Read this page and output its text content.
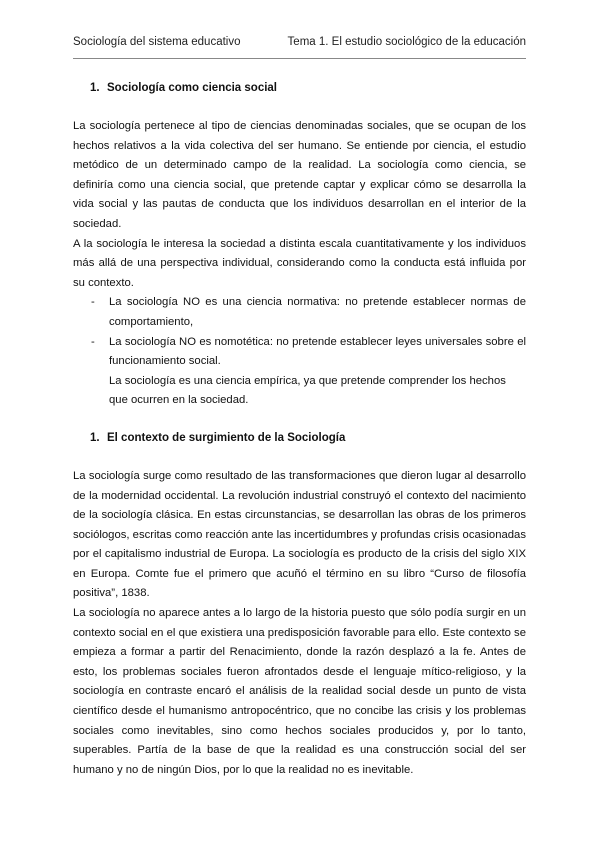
Sociología del sistema educativo	Tema 1. El estudio sociológico de la educación
1. Sociología como ciencia social

La sociología pertenece al tipo de ciencias denominadas sociales, que se ocupan de los hechos relativos a la vida colectiva del ser humano. Se entiende por ciencia, el estudio metódico de un determinado campo de la realidad. La sociología como ciencia, se definiría como una ciencia social, que pretende captar y explicar cómo se desarrolla la vida social y las pautas de conducta que los individuos desarrollan en el interior de la sociedad.

A la sociología le interesa la sociedad a distinta escala cuantitativamente y los individuos más allá de una perspectiva individual, considerando como la conducta está influida por su contexto.

- La sociología NO es una ciencia normativa: no pretende establecer normas de comportamiento,
- La sociología NO es nomotética: no pretende establecer leyes universales sobre el funcionamiento social.

La sociología es una ciencia empírica, ya que pretende comprender los hechos que ocurren en la sociedad.

1. El contexto de surgimiento de la Sociología

La sociología surge como resultado de las transformaciones que dieron lugar al desarrollo de la modernidad occidental. La revolución industrial construyó el contexto del nacimiento de la sociología clásica. En estas circunstancias, se desarrollan las obras de los primeros sociólogos, escritas como reacción ante las incertidumbres y profundas crisis ocasionadas por el capitalismo industrial de Europa. La sociología es producto de la crisis del siglo XIX en Europa. Comte fue el primero que acuñó el término en su libro “Curso de filosofía positiva”, 1838.

La sociología no aparece antes a lo largo de la historia puesto que sólo podía surgir en un contexto social en el que existiera una predisposición favorable para ello. Este contexto se empieza a formar a partir del Renacimiento, donde la razón desplazó a la fe. Antes de esto, los problemas sociales fueron afrontados desde el lenguaje mítico-religioso, y la sociología en contraste encaró el análisis de la realidad social desde un punto de vista científico desde el humanismo antropocéntrico, que no concibe las crisis y los problemas sociales como inevitables, sino como hechos sociales producidos y, por lo tanto, superables. Partía de la base de que la realidad es una construcción social del ser humano y no de ningún Dios, por lo que la realidad no es inevitable.
